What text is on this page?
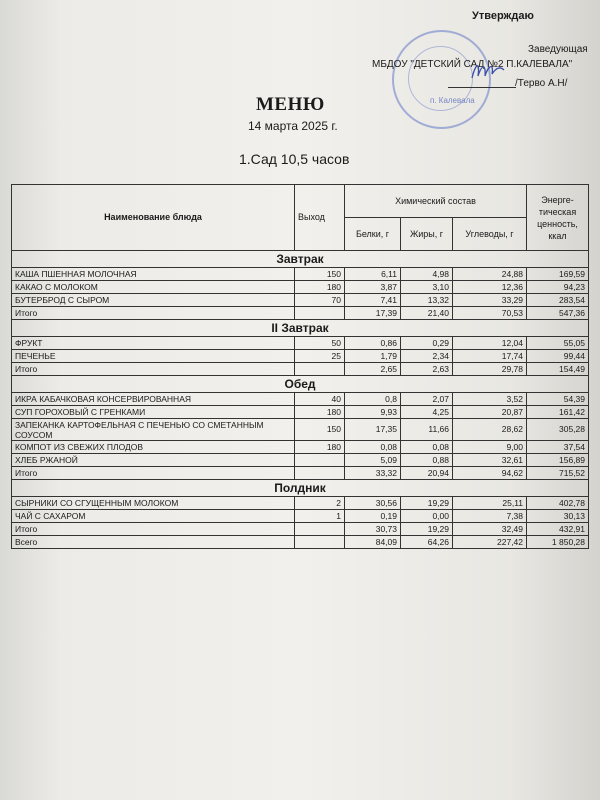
Утверждаю
п. Калевала
Заведующая
МБДОУ "ДЕТСКИЙ САД №2 П.КАЛЕВАЛА"
/Терво А.Н/
МЕНЮ
14 марта 2025 г.
1.Сад 10,5 часов
Наименование блюда	Выход	Химический состав			Энерге-тическая ценность, ккал
		Белки, г	Жиры, г	Углеводы, г	
Завтрак					
КАША ПШЕННАЯ МОЛОЧНАЯ	150	6,11	4,98	24,88	169,59
КАКАО С МОЛОКОМ	180	3,87	3,10	12,36	94,23
БУТЕРБРОД С СЫРОМ	70	7,41	13,32	33,29	283,54
Итого		17,39	21,40	70,53	547,36
II Завтрак					
ФРУКТ	50	0,86	0,29	12,04	55,05
ПЕЧЕНЬЕ	25	1,79	2,34	17,74	99,44
Итого		2,65	2,63	29,78	154,49
Обед					
ИКРА КАБАЧКОВАЯ КОНСЕРВИРОВАННАЯ	40	0,8	2,07	3,52	54,39
СУП ГОРОХОВЫЙ С ГРЕНКАМИ	180	9,93	4,25	20,87	161,42
ЗАПЕКАНКА КАРТОФЕЛЬНАЯ С ПЕЧЕНЬЮ СО СМЕТАННЫМ СОУСОМ	150	17,35	11,66	28,62	305,28
КОМПОТ ИЗ СВЕЖИХ ПЛОДОВ	180	0,08	0,08	9,00	37,54
ХЛЕБ РЖАНОЙ		5,09	0,88	32,61	156,89
Итого		33,32	20,94	94,62	715,52
Полдник					
СЫРНИКИ СО СГУЩЕННЫМ МОЛОКОМ	2	30,56	19,29	25,11	402,78
ЧАЙ С САХАРОМ	1	0,19	0,00	7,38	30,13
Итого		30,73	19,29	32,49	432,91
Всего		84,09	64,26	227,42	1 850,28
